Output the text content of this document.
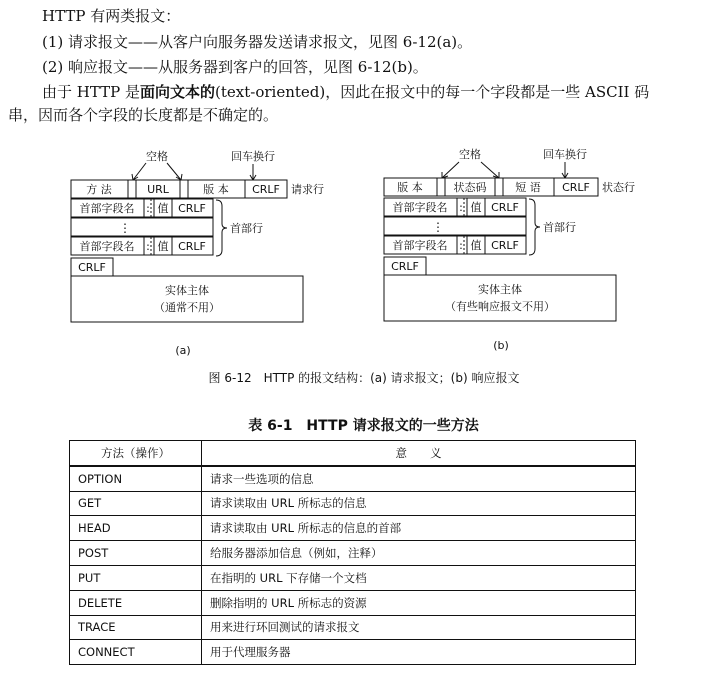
HTTP 有两类报文：
(1) 请求报文——从客户向服务器发送请求报文，见图 6-12(a)。
(2) 响应报文——从服务器到客户的回答，见图 6-12(b)。
由于 HTTP 是面向文本的(text-oriented)，因此在报文中的每一个字段都是一些 ASCII 码
串，因而各个字段的长度都是不确定的。
空格	回车换行
方 法	URL	版 本 CRLF 请求行
首部字段名 : 值 CRLF
⋮
首部字段名 : 值 CRLF
首部行
CRLF
实体主体
（通常不用）
(a)
空格	回车换行
版 本	状态码	短 语 CRLF 状态行
首部字段名 : 值 CRLF
⋮
首部字段名 : 值 CRLF
首部行
CRLF
实体主体
（有些响应报文不用）
(b)
图 6-12　HTTP 的报文结构：(a) 请求报文；(b) 响应报文
表 6-1　HTTP 请求报文的一些方法
方法（操作）	意　　义
OPTION	请求一些选项的信息
GET	请求读取由 URL 所标志的信息
HEAD	请求读取由 URL 所标志的信息的首部
POST	给服务器添加信息（例如，注释）
PUT	在指明的 URL 下存储一个文档
DELETE	删除指明的 URL 所标志的资源
TRACE	用来进行环回测试的请求报文
CONNECT	用于代理服务器
